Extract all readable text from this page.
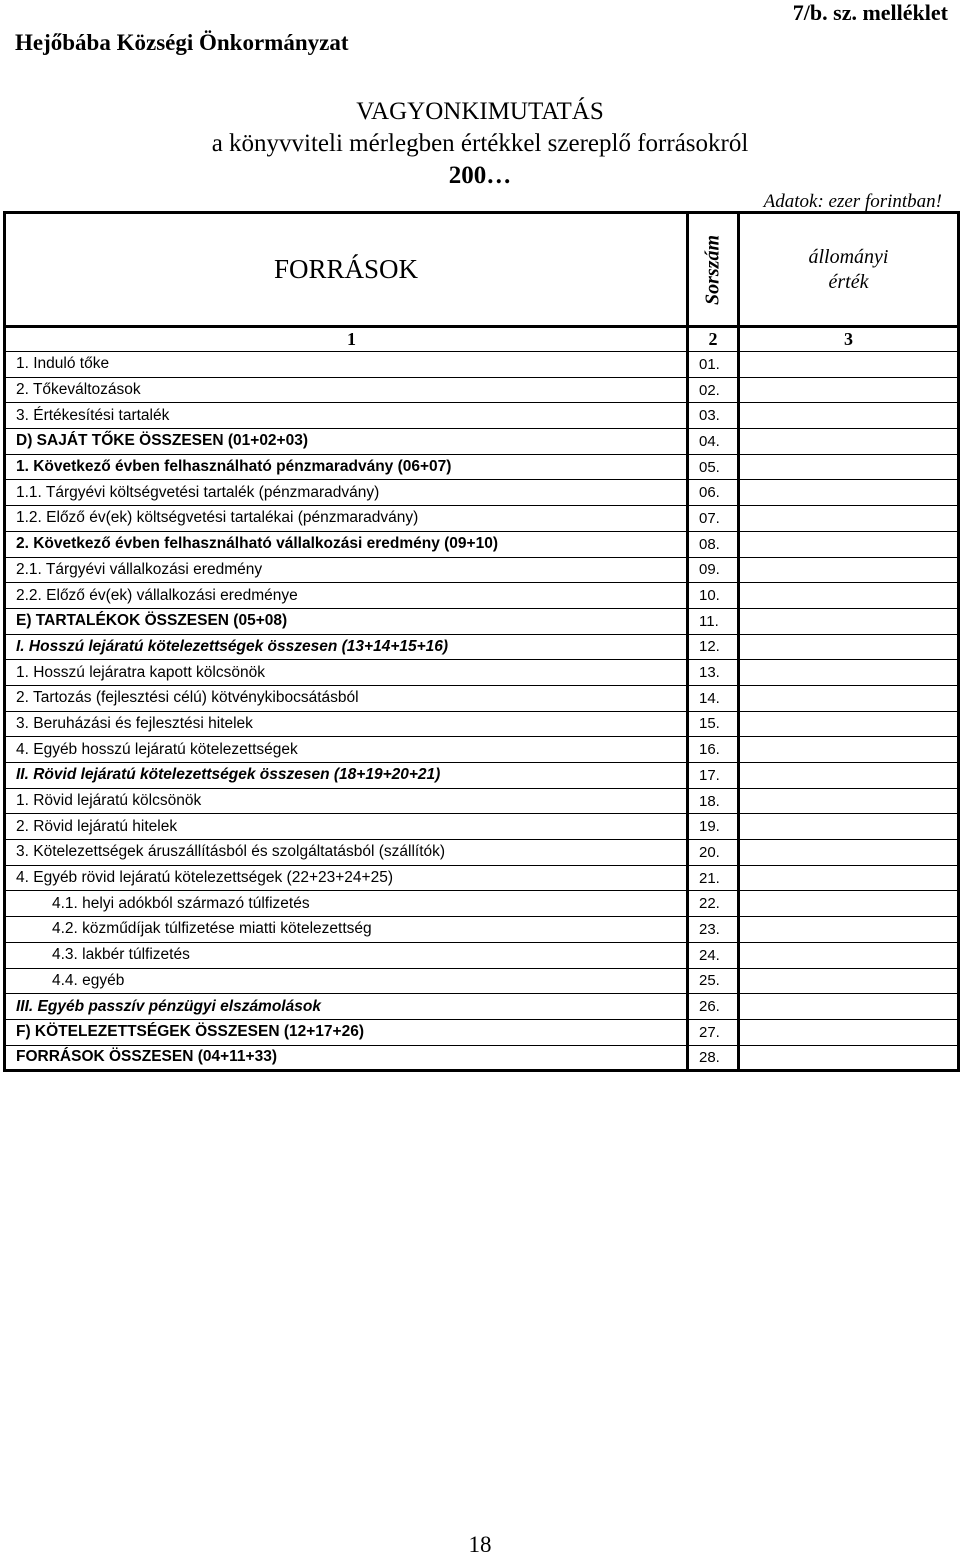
Hejőbába Községi Önkormányzat
7/b. sz. melléklet
VAGYONKIMUTATÁS
a könyvviteli mérlegben értékkel szereplő forrásokról
200…
Adatok: ezer forintban!
FORRÁSOK	Sorszám	állományi érték
1	2	3
1. Induló tőke	01.	
2. Tőkeváltozások	02.	
3. Értékesítési tartalék	03.	
D) SAJÁT TŐKE ÖSSZESEN (01+02+03)	04.	
1. Következő évben felhasználható pénzmaradvány (06+07)	05.	
1.1. Tárgyévi költségvetési tartalék (pénzmaradvány)	06.	
1.2. Előző év(ek) költségvetési tartalékai (pénzmaradvány)	07.	
2. Következő évben felhasználható vállalkozási eredmény (09+10)	08.	
2.1. Tárgyévi vállalkozási eredmény	09.	
2.2. Előző év(ek) vállalkozási eredménye	10.	
E) TARTALÉKOK ÖSSZESEN (05+08)	11.	
I. Hosszú lejáratú kötelezettségek összesen (13+14+15+16)	12.	
1. Hosszú lejáratra kapott kölcsönök	13.	
2. Tartozás (fejlesztési célú) kötvénykibocsátásból	14.	
3. Beruházási és fejlesztési hitelek	15.	
4. Egyéb hosszú lejáratú kötelezettségek	16.	
II. Rövid lejáratú kötelezettségek összesen (18+19+20+21)	17.	
1. Rövid lejáratú kölcsönök	18.	
2. Rövid lejáratú hitelek	19.	
3. Kötelezettségek áruszállításból és szolgáltatásból (szállítók)	20.	
4. Egyéb rövid lejáratú kötelezettségek (22+23+24+25)	21.	
4.1. helyi adókból származó túlfizetés	22.	
4.2. közműdíjak túlfizetése miatti kötelezettség	23.	
4.3. lakbér túlfizetés	24.	
4.4. egyéb	25.	
III. Egyéb passzív pénzügyi elszámolások	26.	
F) KÖTELEZETTSÉGEK ÖSSZESEN (12+17+26)	27.	
FORRÁSOK ÖSSZESEN (04+11+33)	28.	
18
